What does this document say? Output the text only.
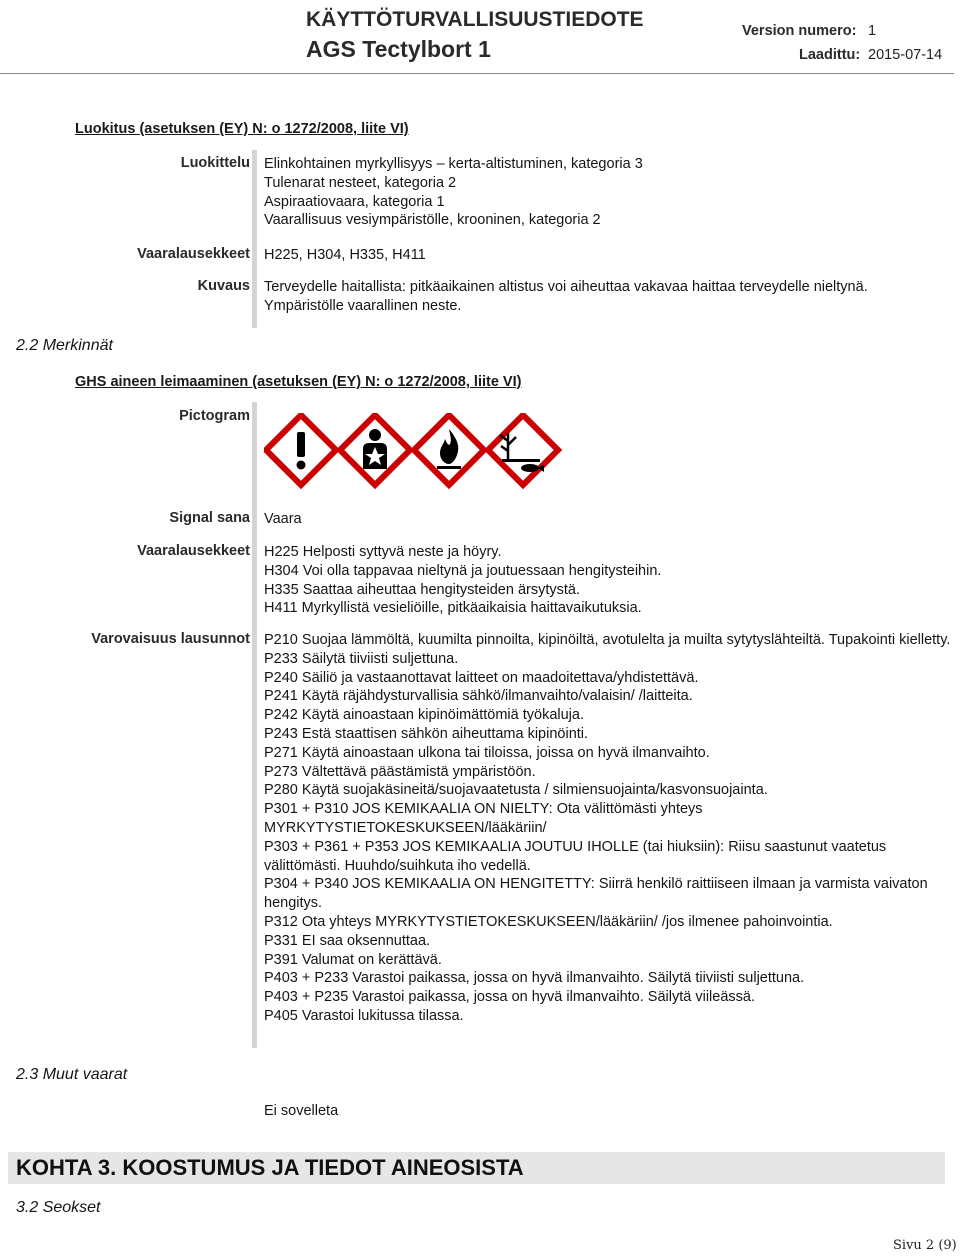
KÄYTTÖTURVALLISUUSTIEDOTE
AGS Tectylbort 1
Version numero: 1
Laadittu: 2015-07-14
Luokitus (asetuksen (EY) N: o 1272/2008, liite VI)
Luokittelu Elinkohtainen myrkyllisyys – kerta-altistuminen, kategoria 3
Tulenarat nesteet, kategoria 2
Aspiraatiovaara, kategoria 1
Vaarallisuus vesiympäristölle, krooninen, kategoria 2
Vaaralausekkeet H225, H304, H335, H411
Kuvaus Terveydelle haitallista: pitkäaikainen altistus voi aiheuttaa vakavaa haittaa terveydelle nieltynä.
Ympäristölle vaarallinen neste.
2.2 Merkinnät
GHS aineen leimaaminen (asetuksen (EY) N: o 1272/2008, liite VI)
Pictogram
Signal sana Vaara
Vaaralausekkeet H225 Helposti syttyvä neste ja höyry.
H304 Voi olla tappavaa nieltynä ja joutuessaan hengitysteihin.
H335 Saattaa aiheuttaa hengitysteiden ärsytystä.
H411 Myrkyllistä vesieliöille, pitkäaikaisia haittavaikutuksia.
Varovaisuus lausunnot P210 Suojaa lämmöltä, kuumilta pinnoilta, kipinöiltä, avotulelta ja muilta sytytyslähteiltä. Tupakointi kielletty.
P233 Säilytä tiiviisti suljettuna.
P240 Säiliö ja vastaanottavat laitteet on maadoitettava/yhdistettävä.
P241 Käytä räjähdysturvallisia sähkö/ilmanvaihto/valaisin/ /laitteita.
P242 Käytä ainoastaan kipinöimättömiä työkaluja.
P243 Estä staattisen sähkön aiheuttama kipinöinti.
P271 Käytä ainoastaan ulkona tai tiloissa, joissa on hyvä ilmanvaihto.
P273 Vältettävä päästämistä ympäristöön.
P280 Käytä suojakäsineitä/suojavaatetusta / silmiensuojainta/kasvonsuojainta.
P301 + P310 JOS KEMIKAALIA ON NIELTY: Ota välittömästi yhteys MYRKYTYSTIETOKESKUKSEEN/lääkäriin/
P303 + P361 + P353 JOS KEMIKAALIA JOUTUU IHOLLE (tai hiuksiin): Riisu saastunut vaatetus välittömästi. Huuhdo/suihkuta iho vedellä.
P304 + P340 JOS KEMIKAALIA ON HENGITETTY: Siirrä henkilö raittiiseen ilmaan ja varmista vaivaton hengitys.
P312 Ota yhteys MYRKYTYSTIETOKESKUKSEEN/lääkäriin/ /jos ilmenee pahoinvointia.
P331 EI saa oksennuttaa.
P391 Valumat on kerättävä.
P403 + P233 Varastoi paikassa, jossa on hyvä ilmanvaihto. Säilytä tiiviisti suljettuna.
P403 + P235 Varastoi paikassa, jossa on hyvä ilmanvaihto. Säilytä viileässä.
P405 Varastoi lukitussa tilassa.
2.3 Muut vaarat
Ei sovelleta
KOHTA 3. KOOSTUMUS JA TIEDOT AINEOSISTA
3.2 Seokset
Sivu 2 (9)
